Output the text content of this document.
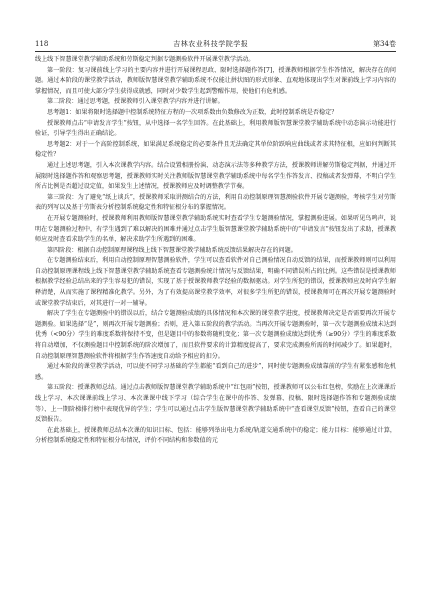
118	吉林农业科技学院学报	第34卷

线上线下智慧课堂教学辅助系统和劳斯稳定判据专题测验软件开展课堂教学活动。

第一阶段：复习课前线上学习的主要内容并进行开展课程思政、限时选择题作答[7]，授课教师根据学生作答情况，解决存在的问题。通过本阶段的课堂教学活动，教师版智慧课堂教学辅助系统不仅能让拼状图的形式形象、直观地体现出学生对课前线上学习内容的掌握情况，而且可使大部分学生获得成就感，同时对少数学生起到警醒作用，使他们有危机感。

第二阶段：通过思考题，授课教师引入课堂教学内容并进行讲解。

思考题1：如果将限时选择题中控制系统特征方程的一次项系数由负数修改为正数，此时控制系统是否稳定？

授课教师点击“申请发言学生”按钮，从中选择一名学生回答。在此基础上，利用教师版智慧课堂教学辅助系统中动态演示功能进行验证，引导学生得出正确结论。

思考题2：对于一个高阶控制系统，如果满足系统稳定的必要条件且无法确定其单位阶跃响应曲线或者求其特征根，应如何判断其稳定性？

通过上述思考题，引入本次课教学内容。结合设置相册扮演、动态演示法等多种教学方法，授课教师讲解劳斯稳定判据，并通过开展限时选择题作答和观察思考题，授课教师实时关注教师版智慧课堂教学辅助系统中每名学生作答发言、投稿或者发弹幕，不明白学生所占比例是否超过设定值，如果发生上述情况，授课教师应及时调整教学节奏。

第三阶段：为了避免“纸上谈兵”，授课教师采取讲测结合的方法，利用自动控制原理智慧测验软件开展专题测验，考核学生对劳斯表的列写以及基于劳斯表分析控制系统稳定性和特征根分布的掌握情况。

在开展专题测验时，授课教师利用教师版智慧课堂教学辅助系统实时查看学生专题测验情况，掌握测验进展。如果听见鸟鸣声，说明在专题测验过程中，有学生遇到了难以解决的困难并通过点击学生版智慧课堂教学辅助系统中的“申请发言”按钮发出了求助，授课教师应及时查看求助学生的名单，解决求助学生所遇到的困难。

第四阶段：根据自动控制原理课程线上线下智慧课堂教学辅助系统反馈结果解决存在的问题。

在专题测验结束后，利用自动控制原理智慧测验软件，学生可以查看软件对自己测验情况自动反馈的结果，而授课教师则可以利用自动控制原理课程线上线下智慧课堂教学辅助系统查看专题测验统计情况与反馈结果，明确不同错误所占的比例。这些错误是授课教师根据教学经验总结出来的学生容易犯的错误，实现了基于授课教师教学经验的数据驱动。对学生所犯的错误，授课教师应及时向学生解释清楚，从而实施了课程精准化教学。另外，为了有效提高课堂教学效率，对很多学生所犯的错误，授课教师可在再次开展专题测验时或课堂教学结束后，对其进行一对一辅导。

解决了学生在专题测验中的错误以后，结合专题测验成绩的具体情况和本次课的课堂教学进度，授课教师决定是否需要再次开展专题测验。如果选择“是”，则再次开展专题测验；否则，进入第五阶段的教学活动。当再次开展专题测验时，第一次专题测验成绩未达到优秀（<90分）学生的难度系数将保持不变，但是题目中的参数将随机变化；第一次专题测验成绩达到优秀（≥90分）学生的难度系数将自动增加，不仅测验题目中控制系统的阶次增加了，而且软件要求的计算精度提高了，要求完成测验所需的时间减少了。如果超时，自动控制原理智慧测验软件将根据学生作答速度自动给予相应的扣分。

通过本阶段的课堂教学活动，可以使不同学习基础的学生都能“看到自己的进步”，同时使专题测验成绩靠前的学生有紧张感和危机感。

第五阶段：授课教师总结。通过点击教师版智慧课堂教学辅助系统中“红包雨”按钮，授课教师可以公布红包榜，奖励在上次课课后线上学习、本次课课前线上学习、本次课课中线下学习（综合学生在课中的作答、发弹幕、投稿、限时选择题作答和专题测验成绩等）、上一期阶梯排行榜中表现优异的学生；学生可以通过点击学生版智慧课堂教学辅助系统中“查看课堂反馈”按钮，查看自己的课堂反馈报告。

在此基础上，授课教师总结本次课的知识目标、包括：能够列举出电力系统/轨道交通系统中的稳定；能力目标：能够通过计算，分析控制系统稳定性和特征根分布情况，评价不同结构和参数值的元
